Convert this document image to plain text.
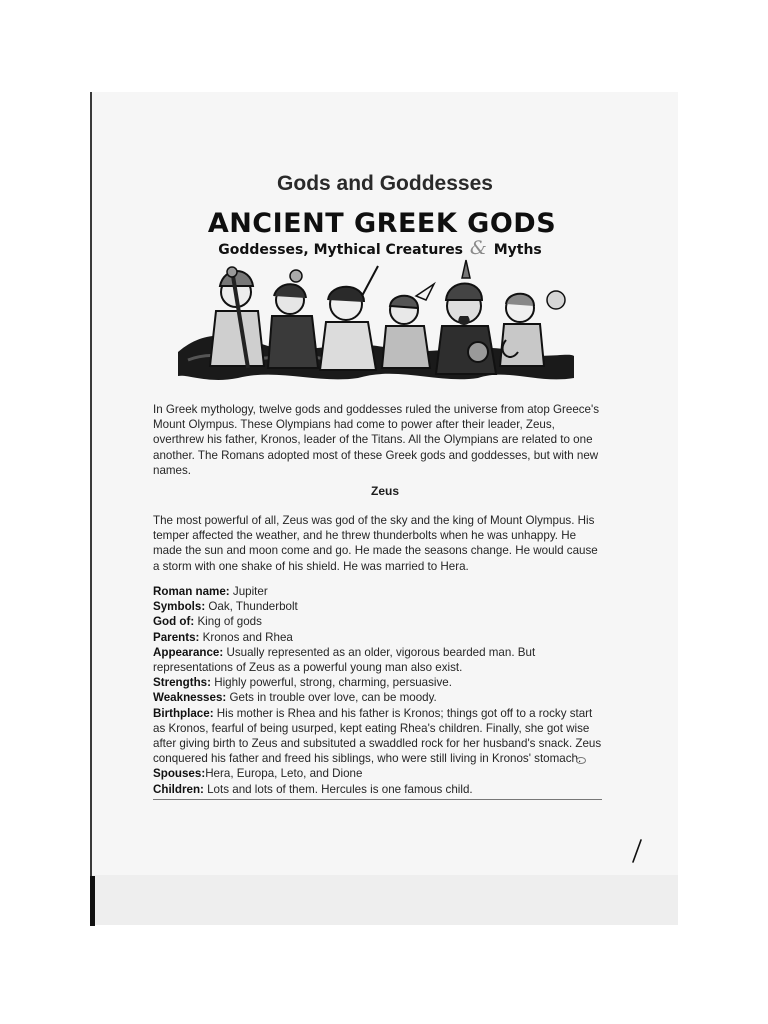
Gods and Goddesses
ANCIENT GREEK GODS
Goddesses, Mythical Creatures & Myths
In Greek mythology, twelve gods and goddesses ruled the universe from atop Greece's Mount Olympus. These Olympians had come to power after their leader, Zeus, overthrew his father, Kronos, leader of the Titans. All the Olympians are related to one another. The Romans adopted most of these Greek gods and goddesses, but with new names.
Zeus
The most powerful of all, Zeus was god of the sky and the king of Mount Olympus. His temper affected the weather, and he threw thunderbolts when he was unhappy. He made the sun and moon come and go. He made the seasons change. He would cause a storm with one shake of his shield. He was married to Hera.
Roman name: Jupiter
Symbols: Oak, Thunderbolt
God of: King of gods
Parents: Kronos and Rhea
Appearance: Usually represented as an older, vigorous bearded man. But representations of Zeus as a powerful young man also exist.
Strengths: Highly powerful, strong, charming, persuasive.
Weaknesses: Gets in trouble over love, can be moody.
Birthplace: His mother is Rhea and his father is Kronos; things got off to a rocky start as Kronos, fearful of being usurped, kept eating Rhea's children. Finally, she got wise after giving birth to Zeus and subsituted a swaddled rock for her husband's snack. Zeus conquered his father and freed his siblings, who were still living in Kronos' stomach.
Spouses:Hera, Europa, Leto, and Dione
Children: Lots and lots of them. Hercules is one famous child.
